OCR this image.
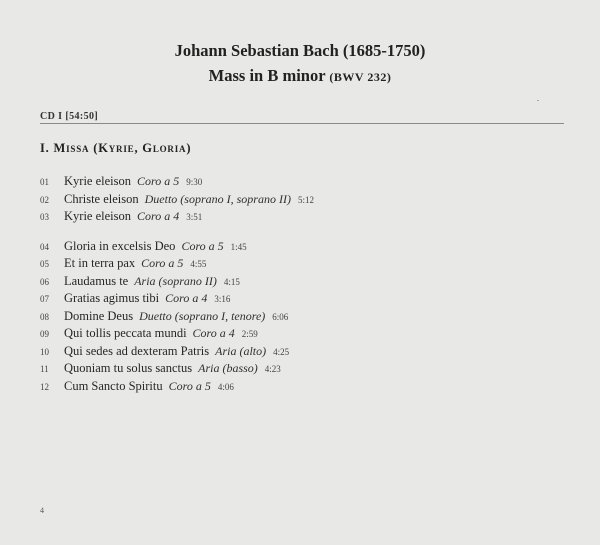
Johann Sebastian Bach (1685-1750)
Mass in B minor (BWV 232)
CD I [54:50]
I. Missa (Kyrie, Gloria)
01 Kyrie eleison Coro a 5 9:30
02 Christe eleison Duetto (soprano I, soprano II) 5:12
03 Kyrie eleison Coro a 4 3:51
04 Gloria in excelsis Deo Coro a 5 1:45
05 Et in terra pax Coro a 5 4:55
06 Laudamus te Aria (soprano II) 4:15
07 Gratias agimus tibi Coro a 4 3:16
08 Domine Deus Duetto (soprano I, tenore) 6:06
09 Qui tollis peccata mundi Coro a 4 2:59
10 Qui sedes ad dexteram Patris Aria (alto) 4:25
11 Quoniam tu solus sanctus Aria (basso) 4:23
12 Cum Sancto Spiritu Coro a 5 4:06
4
